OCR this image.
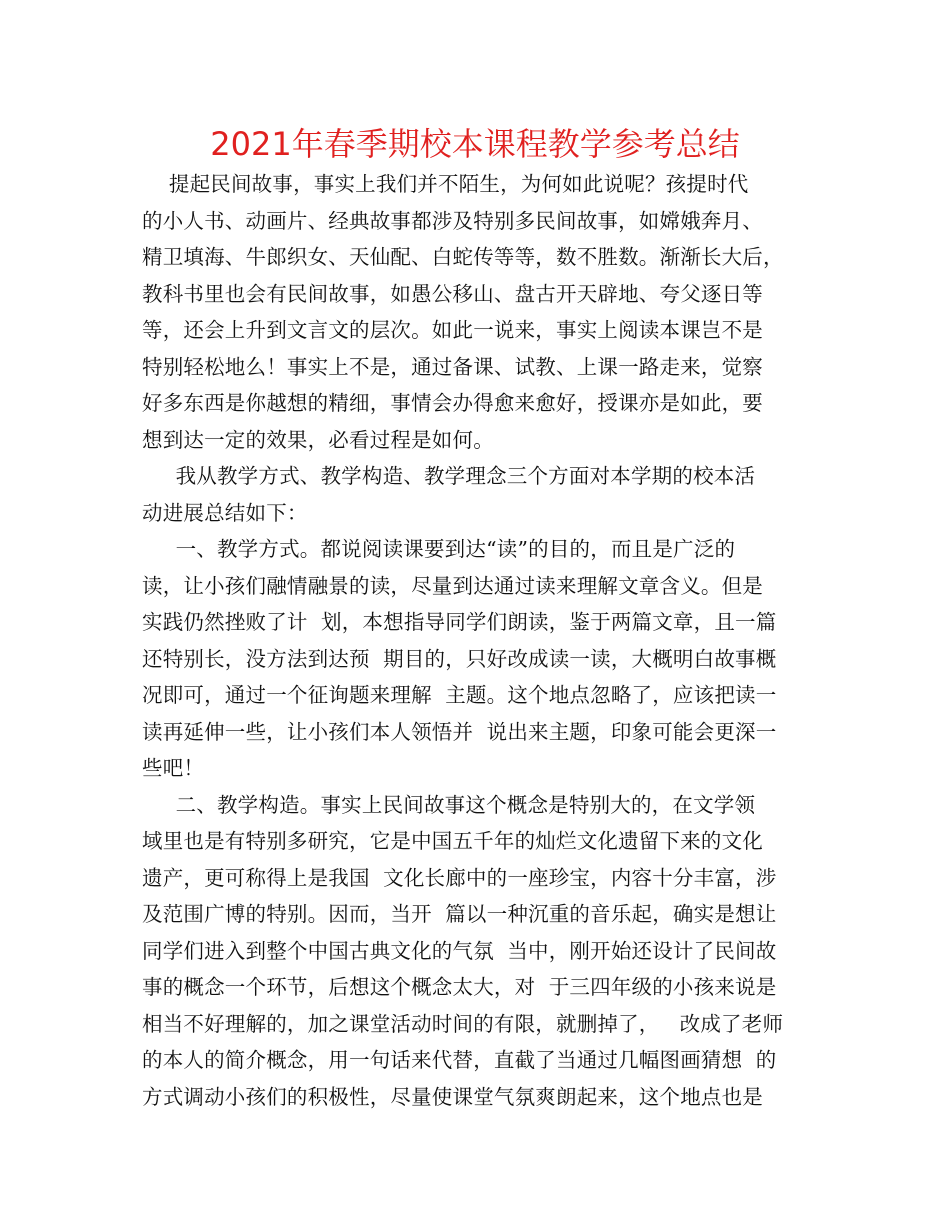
2021年春季期校本课程教学参考总结

提起民间故事，事实上我们并不陌生，为何如此说呢？孩提时代
的小人书、动画片、经典故事都涉及特别多民间故事，如嫦娥奔月、
精卫填海、牛郎织女、天仙配、白蛇传等等，数不胜数。渐渐长大后，
教科书里也会有民间故事，如愚公移山、盘古开天辟地、夸父逐日等
等，还会上升到文言文的层次。如此一说来，事实上阅读本课岂不是
特别轻松地么！事实上不是，通过备课、试教、上课一路走来，觉察
好多东西是你越想的精细，事情会办得愈来愈好，授课亦是如此，要
想到达一定的效果，必看过程是如何。

我从教学方式、教学构造、教学理念三个方面对本学期的校本活
动进展总结如下：

一、教学方式。都说阅读课要到达“读”的目的，而且是广泛的
读，让小孩们融情融景的读，尽量到达通过读来理解文章含义。但是
实践仍然挫败了计  划，本想指导同学们朗读，鉴于两篇文章，且一篇
还特别长，没方法到达预  期目的，只好改成读一读，大概明白故事概
况即可，通过一个征询题来理解  主题。这个地点忽略了，应该把读一
读再延伸一些，让小孩们本人领悟并  说出来主题，印象可能会更深一
些吧！

二、教学构造。事实上民间故事这个概念是特别大的，在文学领
域里也是有特别多研究，它是中国五千年的灿烂文化遗留下来的文化
遗产，更可称得上是我国  文化长廊中的一座珍宝，内容十分丰富，涉
及范围广博的特别。因而，当开  篇以一种沉重的音乐起，确实是想让
同学们进入到整个中国古典文化的气氛  当中，刚开始还设计了民间故
事的概念一个环节，后想这个概念太大，对  于三四年级的小孩来说是
相当不好理解的，加之课堂活动时间的有限，就删掉了，   改成了老师
的本人的简介概念，用一句话来代替，直截了当通过几幅图画猜想  的
方式调动小孩们的积极性，尽量使课堂气氛爽朗起来，这个地点也是
